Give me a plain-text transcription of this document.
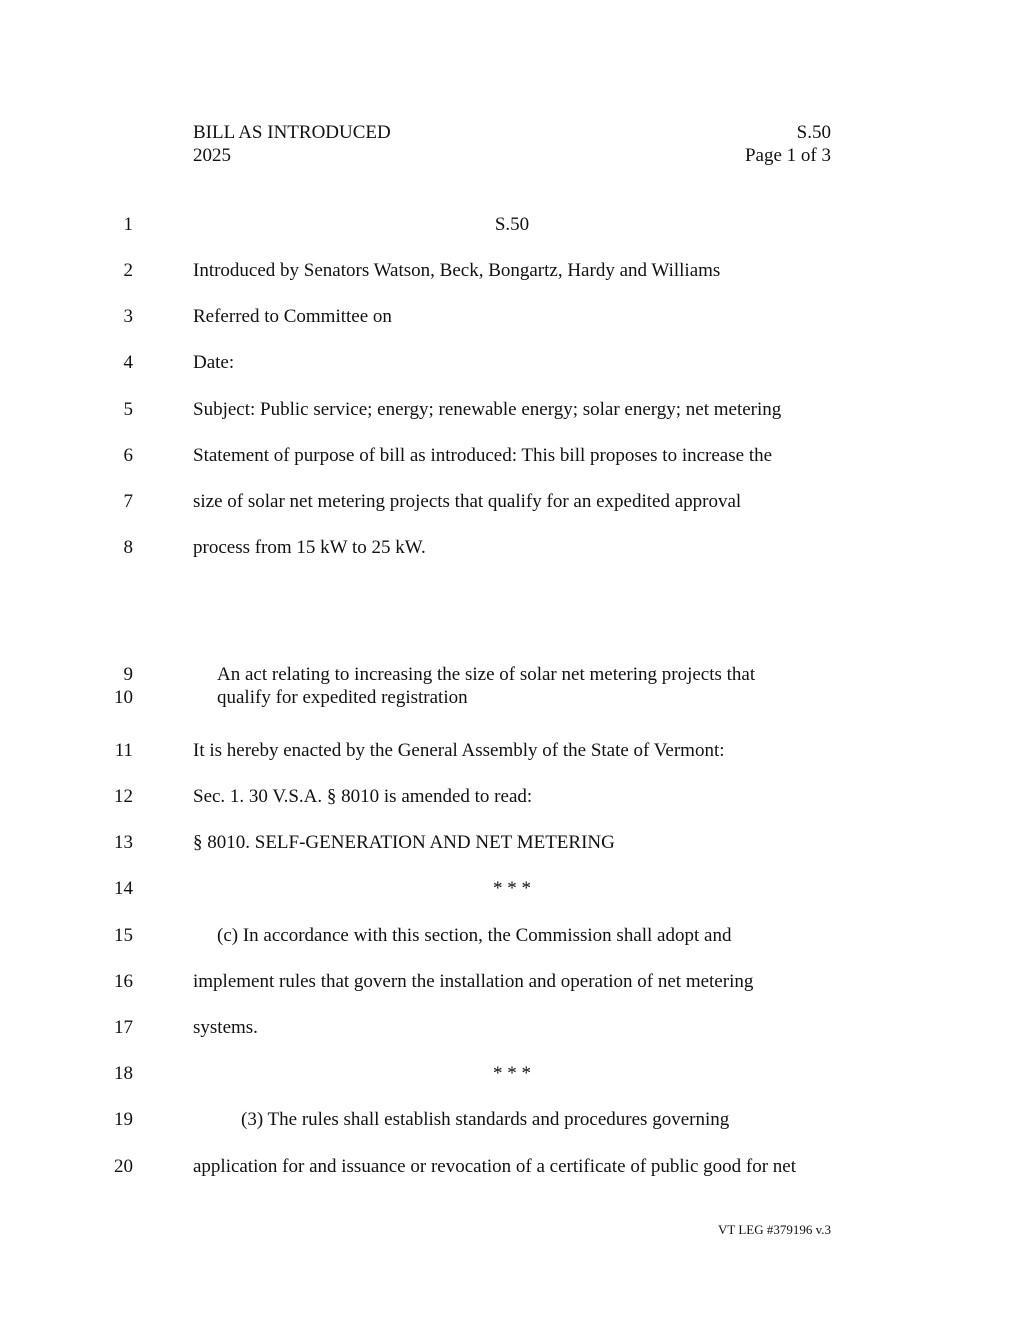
BILL AS INTRODUCED
2025
S.50
Page 1 of 3
1	S.50
2	Introduced by Senators Watson, Beck, Bongartz, Hardy and Williams
3	Referred to Committee on
4	Date:
5	Subject: Public service; energy; renewable energy; solar energy; net metering
6	Statement of purpose of bill as introduced: This bill proposes to increase the
7	size of solar net metering projects that qualify for an expedited approval
8	process from 15 kW to 25 kW.
9	An act relating to increasing the size of solar net metering projects that
10	qualify for expedited registration
11	It is hereby enacted by the General Assembly of the State of Vermont:
12	Sec. 1. 30 V.S.A. § 8010 is amended to read:
13	§ 8010. SELF-GENERATION AND NET METERING
14	* * *
15	(c) In accordance with this section, the Commission shall adopt and
16	implement rules that govern the installation and operation of net metering
17	systems.
18	* * *
19	(3) The rules shall establish standards and procedures governing
20	application for and issuance or revocation of a certificate of public good for net
VT LEG #379196 v.3
